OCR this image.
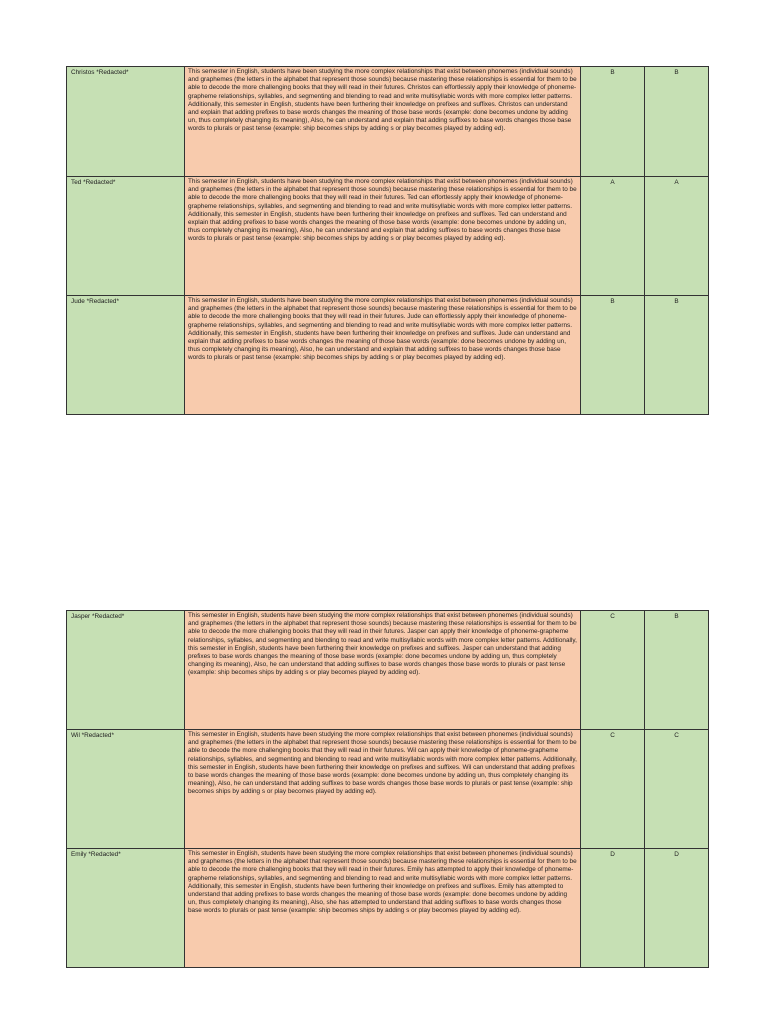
Christos *Redacted*	This semester in English, students have been studying the more complex relationships that exist between phonemes (individual sounds) and graphemes (the letters in the alphabet that represent those sounds) because mastering these relationships is essential for them to be able to decode the more challenging books that they will read in their futures. Christos can effortlessly apply their knowledge of phoneme-grapheme relationships, syllables, and segmenting and blending to read and write multisyllabic words with more complex letter patterns. Additionally, this semester in English, students have been furthering their knowledge on prefixes and suffixes. Christos can understand and explain that adding prefixes to base words changes the meaning of those base words (example: done becomes undone by adding un, thus completely changing its meaning), Also, he can understand and explain that adding suffixes to base words changes those base words to plurals or past tense (example: ship becomes ships by adding s or play becomes played by adding ed).	B	B

Ted *Redacted*	This semester in English, students have been studying the more complex relationships that exist between phonemes (individual sounds) and graphemes (the letters in the alphabet that represent those sounds) because mastering these relationships is essential for them to be able to decode the more challenging books that they will read in their futures. Ted can effortlessly apply their knowledge of phoneme-grapheme relationships, syllables, and segmenting and blending to read and write multisyllabic words with more complex letter patterns. Additionally, this semester in English, students have been furthering their knowledge on prefixes and suffixes. Ted can understand and explain that adding prefixes to base words changes the meaning of those base words (example: done becomes undone by adding un, thus completely changing its meaning), Also, he can understand and explain that adding suffixes to base words changes those base words to plurals or past tense (example: ship becomes ships by adding s or play becomes played by adding ed).	A	A

Jude *Redacted*	This semester in English, students have been studying the more complex relationships that exist between phonemes (individual sounds) and graphemes (the letters in the alphabet that represent those sounds) because mastering these relationships is essential for them to be able to decode the more challenging books that they will read in their futures. Jude can effortlessly apply their knowledge of phoneme-grapheme relationships, syllables, and segmenting and blending to read and write multisyllabic words with more complex letter patterns. Additionally, this semester in English, students have been furthering their knowledge on prefixes and suffixes. Jude can understand and explain that adding prefixes to base words changes the meaning of those base words (example: done becomes undone by adding un, thus completely changing its meaning), Also, he can understand and explain that adding suffixes to base words changes those base words to plurals or past tense (example: ship becomes ships by adding s or play becomes played by adding ed).	B	B
Jasper *Redacted*	This semester in English, students have been studying the more complex relationships that exist between phonemes (individual sounds) and graphemes (the letters in the alphabet that represent those sounds) because mastering these relationships is essential for them to be able to decode the more challenging books that they will read in their futures. Jasper can apply their knowledge of phoneme-grapheme relationships, syllables, and segmenting and blending to read and write multisyllabic words with more complex letter patterns. Additionally, this semester in English, students have been furthering their knowledge on prefixes and suffixes. Jasper can understand that adding prefixes to base words changes the meaning of those base words (example: done becomes undone by adding un, thus completely changing its meaning), Also, he can understand that adding suffixes to base words changes those base words to plurals or past tense (example: ship becomes ships by adding s or play becomes played by adding ed).	C	B

Wil *Redacted*	This semester in English, students have been studying the more complex relationships that exist between phonemes (individual sounds) and graphemes (the letters in the alphabet that represent those sounds) because mastering these relationships is essential for them to be able to decode the more challenging books that they will read in their futures. Wil can apply their knowledge of phoneme-grapheme relationships, syllables, and segmenting and blending to read and write multisyllabic words with more complex letter patterns. Additionally, this semester in English, students have been furthering their knowledge on prefixes and suffixes. Wil can understand that adding prefixes to base words changes the meaning of those base words (example: done becomes undone by adding un, thus completely changing its meaning), Also, he can understand that adding suffixes to base words changes those base words to plurals or past tense (example: ship becomes ships by adding s or play becomes played by adding ed).	C	C

Emily *Redacted*	This semester in English, students have been studying the more complex relationships that exist between phonemes (individual sounds) and graphemes (the letters in the alphabet that represent those sounds) because mastering these relationships is essential for them to be able to decode the more challenging books that they will read in their futures. Emily has attempted to apply their knowledge of phoneme-grapheme relationships, syllables, and segmenting and blending to read and write multisyllabic words with more complex letter patterns. Additionally, this semester in English, students have been furthering their knowledge on prefixes and suffixes. Emily has attempted to understand that adding prefixes to base words changes the meaning of those base words (example: done becomes undone by adding un, thus completely changing its meaning), Also, she has attempted to understand that adding suffixes to base words changes those base words to plurals or past tense (example: ship becomes ships by adding s or play becomes played by adding ed).	D	D
